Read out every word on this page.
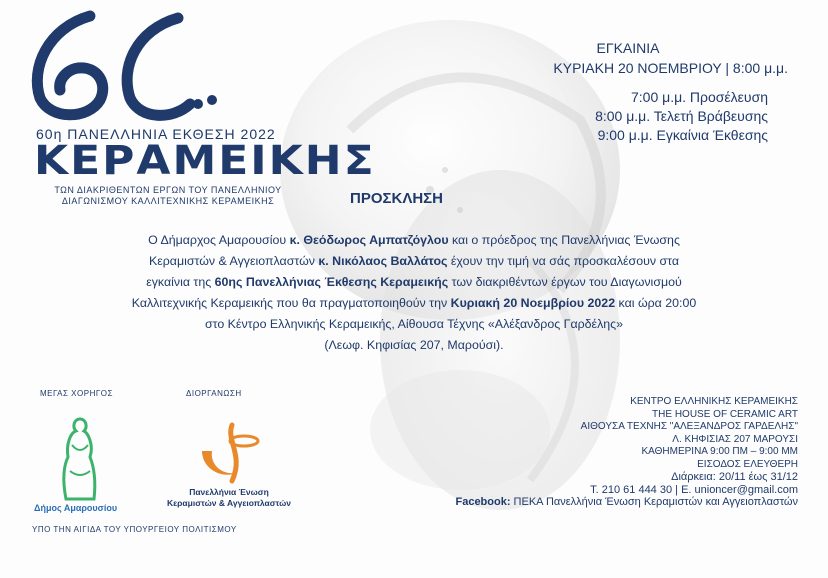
60η ΠΑΝΕΛΛΗΝΙΑ ΕΚΘΕΣΗ 2022
ΚΕΡΑΜΕΙΚΗΣ
ΤΩΝ ΔΙΑΚΡΙΘΕΝΤΩΝ ΕΡΓΩΝ ΤΟΥ ΠΑΝΕΛΛΗΝΙΟΥ
ΔΙΑΓΩΝΙΣΜΟΥ ΚΑΛΛΙΤΕΧΝΙΚΗΣ ΚΕΡΑΜΕΙΚΗΣ
ΕΓΚΑΙΝΙΑ
ΚΥΡΙΑΚΗ 20 ΝΟΕΜΒΡΙΟΥ | 8:00 μ.μ.
7:00 μ.μ. Προσέλευση
8:00 μ.μ. Τελετή Βράβευσης
9:00 μ.μ. Εγκαίνια Έκθεσης
ΠΡΟΣΚΛΗΣΗ
Ο Δήμαρχος Αμαρουσίου κ. Θεόδωρος Αμπατζόγλου και ο πρόεδρος της Πανελλήνιας Ένωσης
Κεραμιστών & Αγγειοπλαστών κ. Νικόλαος Βαλλάτος έχουν την τιμή να σάς προσκαλέσουν στα
εγκαίνια της 60ης Πανελλήνιας Έκθεσης Κεραμεικής των διακριθέντων έργων του Διαγωνισμού
Καλλιτεχνικής Κεραμεικής που θα πραγματοποιηθούν την Κυριακή 20 Νοεμβρίου 2022 και ώρα 20:00
στο Κέντρο Ελληνικής Κεραμεικής, Αίθουσα Τέχνης «Αλέξανδρος Γαρδέλης»
(Λεωφ. Κηφισίας 207, Μαρούσι).
ΜΕΓΑΣ ΧΟΡΗΓΟΣ	ΔΙΟΡΓΑΝΩΣΗ
Δήμος Αμαρουσίου
Πανελλήνια Ένωση
Κεραμιστών & Αγγειοπλαστών
ΥΠΟ ΤΗΝ ΑΙΓΙΔΑ ΤΟΥ ΥΠΟΥΡΓΕΙΟΥ ΠΟΛΙΤΙΣΜΟΥ
ΚΕΝΤΡΟ ΕΛΛΗΝΙΚΗΣ ΚΕΡΑΜΕΙΚΗΣ
THE HOUSE OF CERAMIC ART
ΑΙΘΟΥΣΑ ΤΕΧΝΗΣ "ΑΛΕΞΑΝΔΡΟΣ ΓΑΡΔΕΛΗΣ"
Λ. ΚΗΦΙΣΙΑΣ 207 ΜΑΡΟΥΣΙ
ΚΑΘΗΜΕΡΙΝΑ 9:00 ΠΜ – 9:00 ΜΜ
ΕΙΣΟΔΟΣ ΕΛΕΥΘΕΡΗ
Διάρκεια: 20/11 έως 31/12
Τ. 210 61 444 30 | Ε. unioncer@gmail.com
Facebook: ΠΕΚΑ Πανελλήνια Ένωση Κεραμιστών και Αγγειοπλαστών
